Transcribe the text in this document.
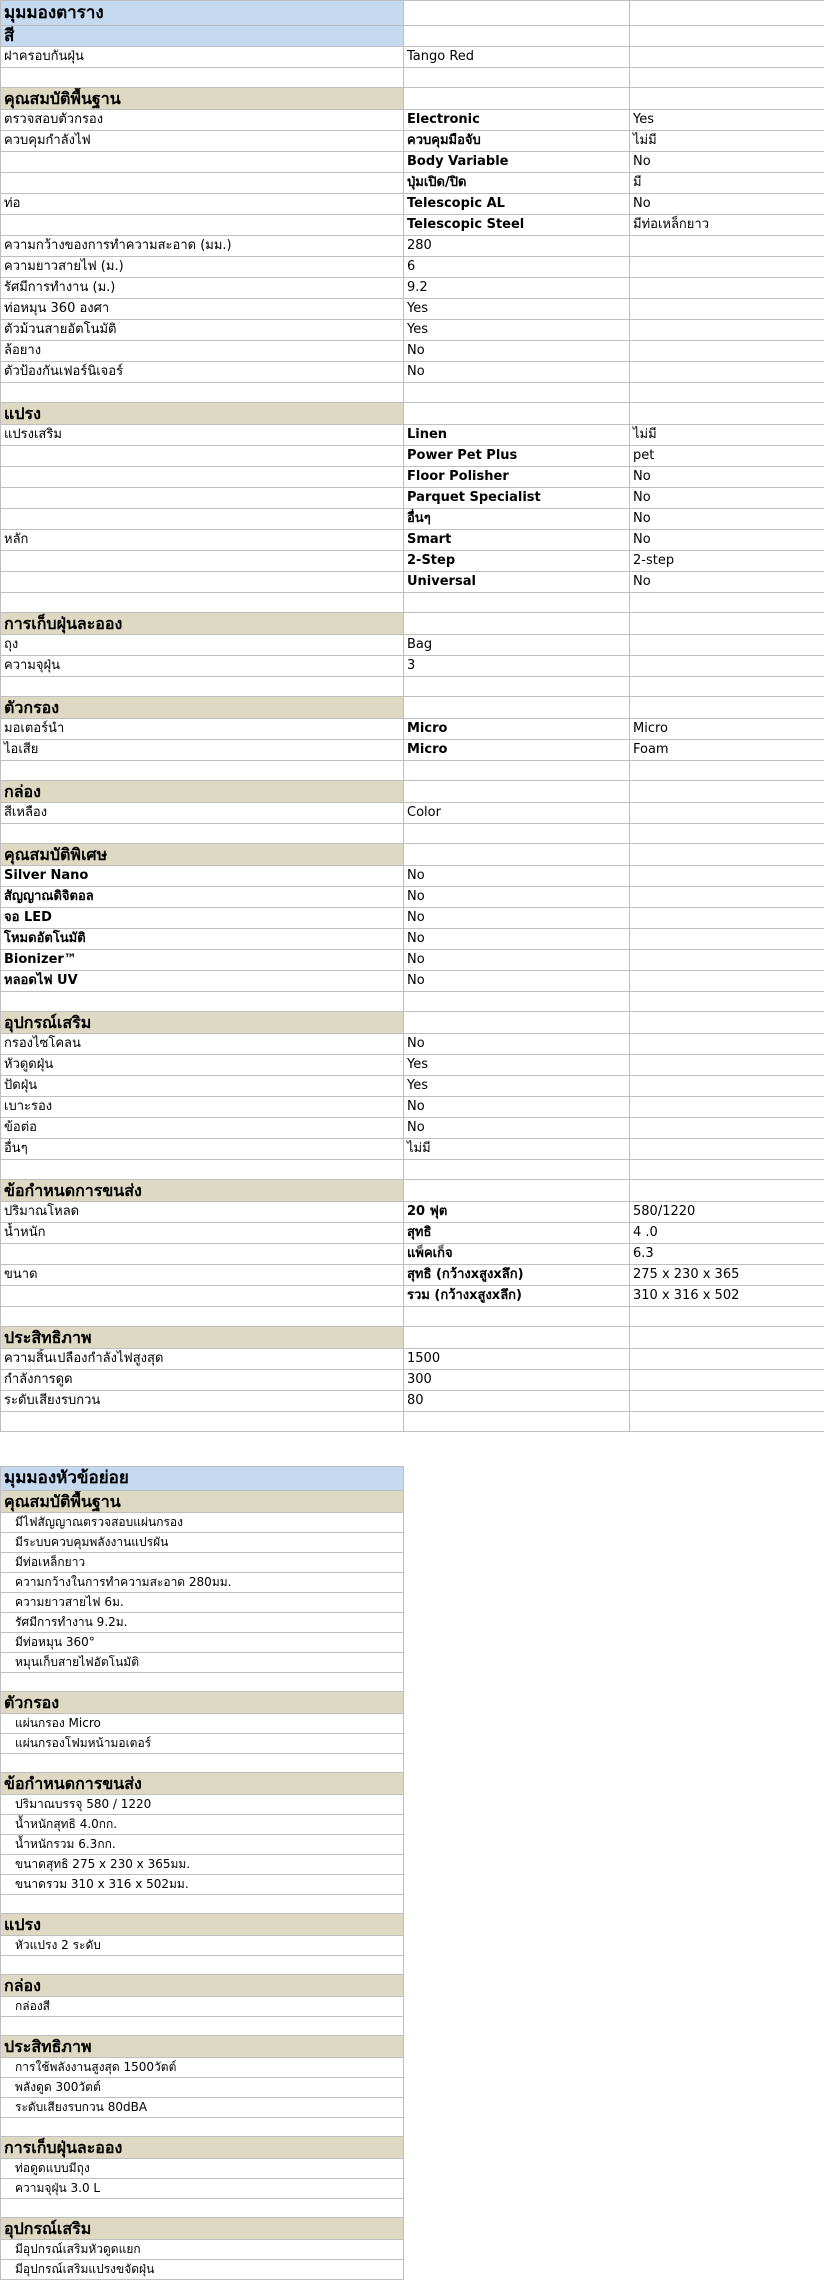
มุมมองตาราง		
สี		
ฝาครอบกันฝุ่น	Tango Red	

คุณสมบัติพื้นฐาน		
ตรวจสอบตัวกรอง	Electronic	Yes
ควบคุมกำลังไฟ	ควบคุมมือจับ	ไม่มี
	Body Variable	No
	ปุ่มเปิด/ปิด	มี
ท่อ	Telescopic AL	No
	Telescopic Steel	มีท่อเหล็กยาว
ความกว้างของการทำความสะอาด (มม.)	280	
ความยาวสายไฟ (ม.)	6	
รัศมีการทำงาน (ม.)	9.2	
ท่อหมุน 360 องศา	Yes	
ตัวม้วนสายอัตโนมัติ	Yes	
ล้อยาง	No	
ตัวป้องกันเฟอร์นิเจอร์	No	

แปรง		
แปรงเสริม	Linen	ไม่มี
	Power Pet Plus	pet
	Floor Polisher	No
	Parquet Specialist	No
	อื่นๆ	No
หลัก	Smart	No
	2-Step	2-step
	Universal	No

การเก็บฝุ่นละออง		
ถุง	Bag	
ความจุฝุ่น	3	

ตัวกรอง		
มอเตอร์นำ	Micro	Micro
ไอเสีย	Micro	Foam

กล่อง		
สีเหลือง	Color	

คุณสมบัติพิเศษ		
Silver Nano	No	
สัญญาณดิจิตอล	No	
จอ LED	No	
โหมดอัตโนมัติ	No	
Bionizer™	No	
หลอดไฟ UV	No	

อุปกรณ์เสริม		
กรองไซโคลน	No	
หัวดูดฝุ่น	Yes	
ปัดฝุ่น	Yes	
เบาะรอง	No	
ข้อต่อ	No	
อื่นๆ	ไม่มี	

ข้อกำหนดการขนส่ง		
ปริมาณโหลด	20 ฟุต	580/1220
น้ำหนัก	สุทธิ	4 .0
	แพ็คเก็จ	6.3
ขนาด	สุทธิ (กว้างxสูงxลึก)	275 x 230 x 365
	รวม (กว้างxสูงxลึก)	310 x 316 x 502

ประสิทธิภาพ		
ความสิ้นเปลืองกำลังไฟสูงสุด	1500	
กำลังการดูด	300	
ระดับเสียงรบกวน	80	

มุมมองหัวข้อย่อย
คุณสมบัติพื้นฐาน
มีไฟสัญญาณตรวจสอบแผ่นกรอง
มีระบบควบคุมพลังงานแปรผัน
มีท่อเหล็กยาว
ความกว้างในการทำความสะอาด 280มม.
ความยาวสายไฟ 6ม.
รัศมีการทำงาน 9.2ม.
มีท่อหมุน 360°
หมุนเก็บสายไฟอัตโนมัติ

ตัวกรอง
แผ่นกรอง Micro
แผ่นกรองโฟมหน้ามอเตอร์

ข้อกำหนดการขนส่ง
ปริมาณบรรจุ 580 / 1220
น้ำหนักสุทธิ 4.0กก.
น้ำหนักรวม 6.3กก.
ขนาดสุทธิ 275 x 230 x 365มม.
ขนาดรวม 310 x 316 x 502มม.

แปรง
หัวแปรง 2 ระดับ

กล่อง
กล่องสี

ประสิทธิภาพ
การใช้พลังงานสูงสุด 1500วัตต์
พลังดูด 300วัตต์
ระดับเสียงรบกวน 80dBA

การเก็บฝุ่นละออง
ท่อดูดแบบมีถุง
ความจุฝุ่น 3.0 L

อุปกรณ์เสริม
มีอุปกรณ์เสริมหัวดูดแยก
มีอุปกรณ์เสริมแปรงขจัดฝุ่น
